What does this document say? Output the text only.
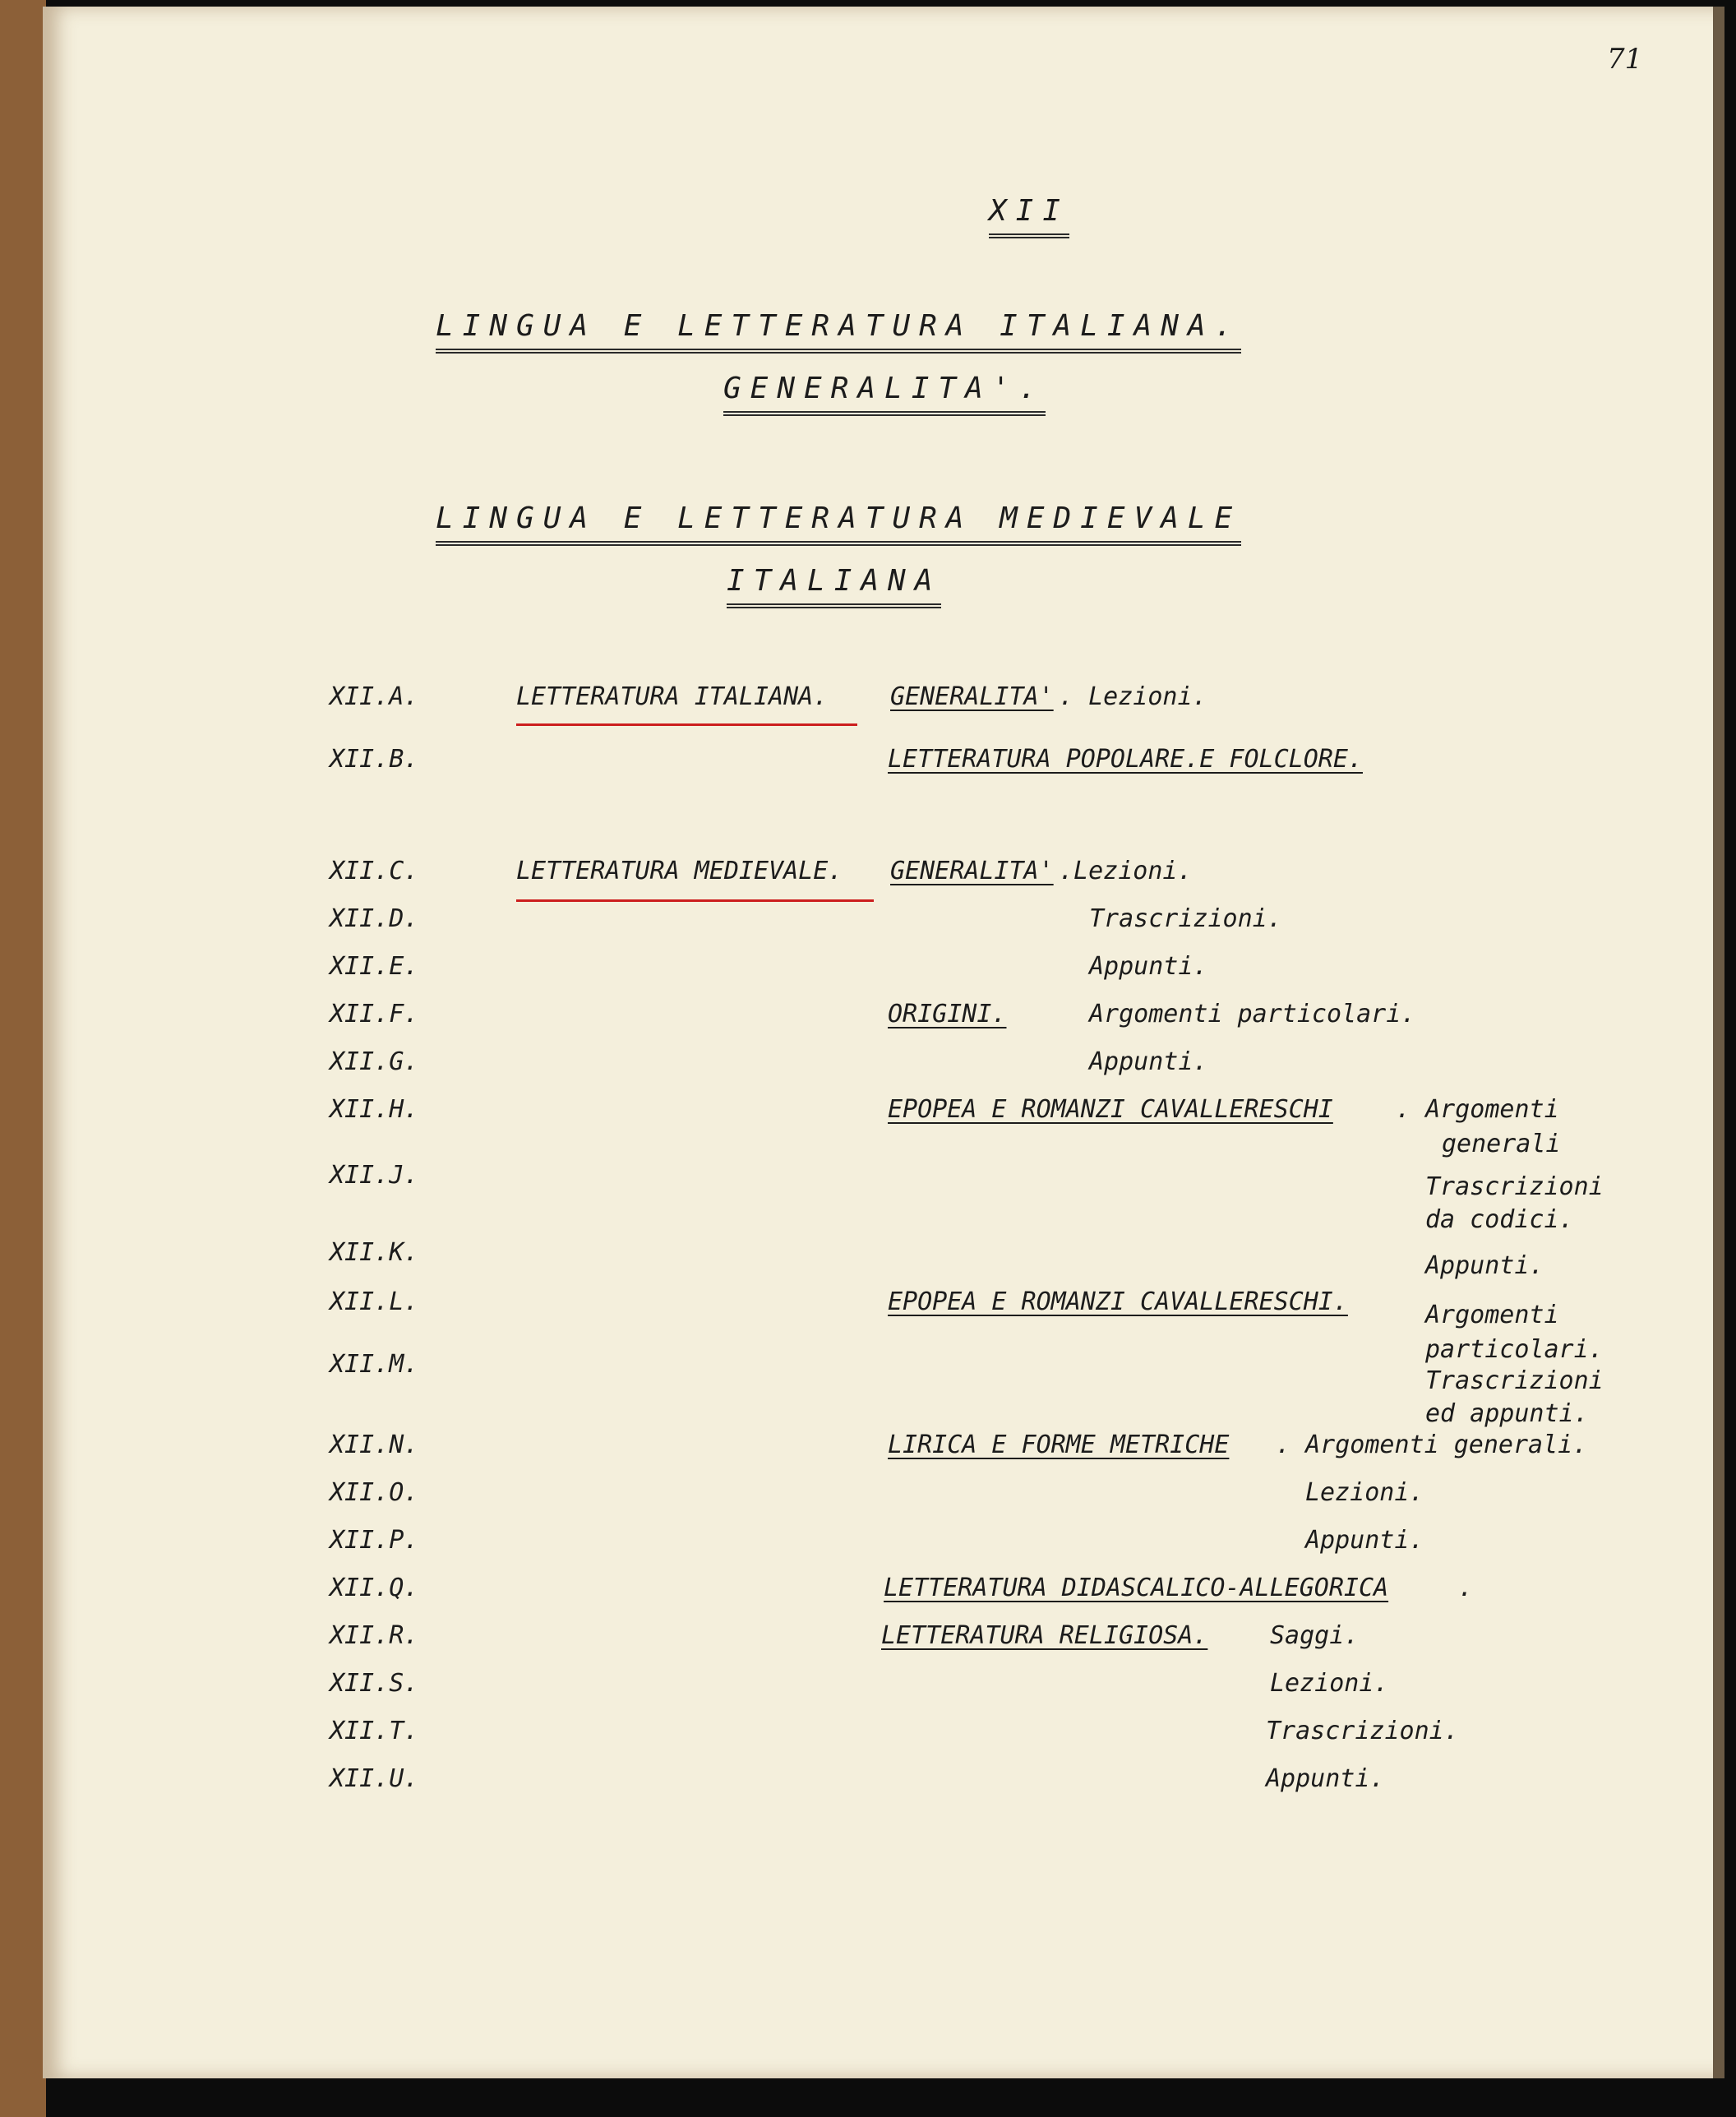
71
XII
LINGUA E LETTERATURA ITALIANA.
GENERALITA'.
LINGUA E LETTERATURA MEDIEVALE
ITALIANA
XII.A.
XII.B.
XII.C.
XII.D.
XII.E.
XII.F.
XII.G.
XII.H.
XII.J.
XII.K.
XII.L.
XII.M.
XII.N.
XII.O.
XII.P.
XII.Q.
XII.R.
XII.S.
XII.T.
XII.U.
LETTERATURA ITALIANA.
LETTERATURA MEDIEVALE.
GENERALITA'
LETTERATURA POPOLARE.E FOLCLORE.
GENERALITA'
ORIGINI.
EPOPEA E ROMANZI CAVALLERESCHI
EPOPEA E ROMANZI CAVALLERESCHI.
LIRICA E FORME METRICHE
LETTERATURA DIDASCALICO-ALLEGORICA
LETTERATURA RELIGIOSA.
. Lezioni.
.Lezioni.
Trascrizioni.
Appunti.
Argomenti particolari.
Appunti.
. Argomenti
generali
Trascrizioni
da codici.
Appunti.
Argomenti
particolari.
Trascrizioni
ed appunti.
. Argomenti generali.
Lezioni.
Appunti.
.
Saggi.
Lezioni.
Trascrizioni.
Appunti.
